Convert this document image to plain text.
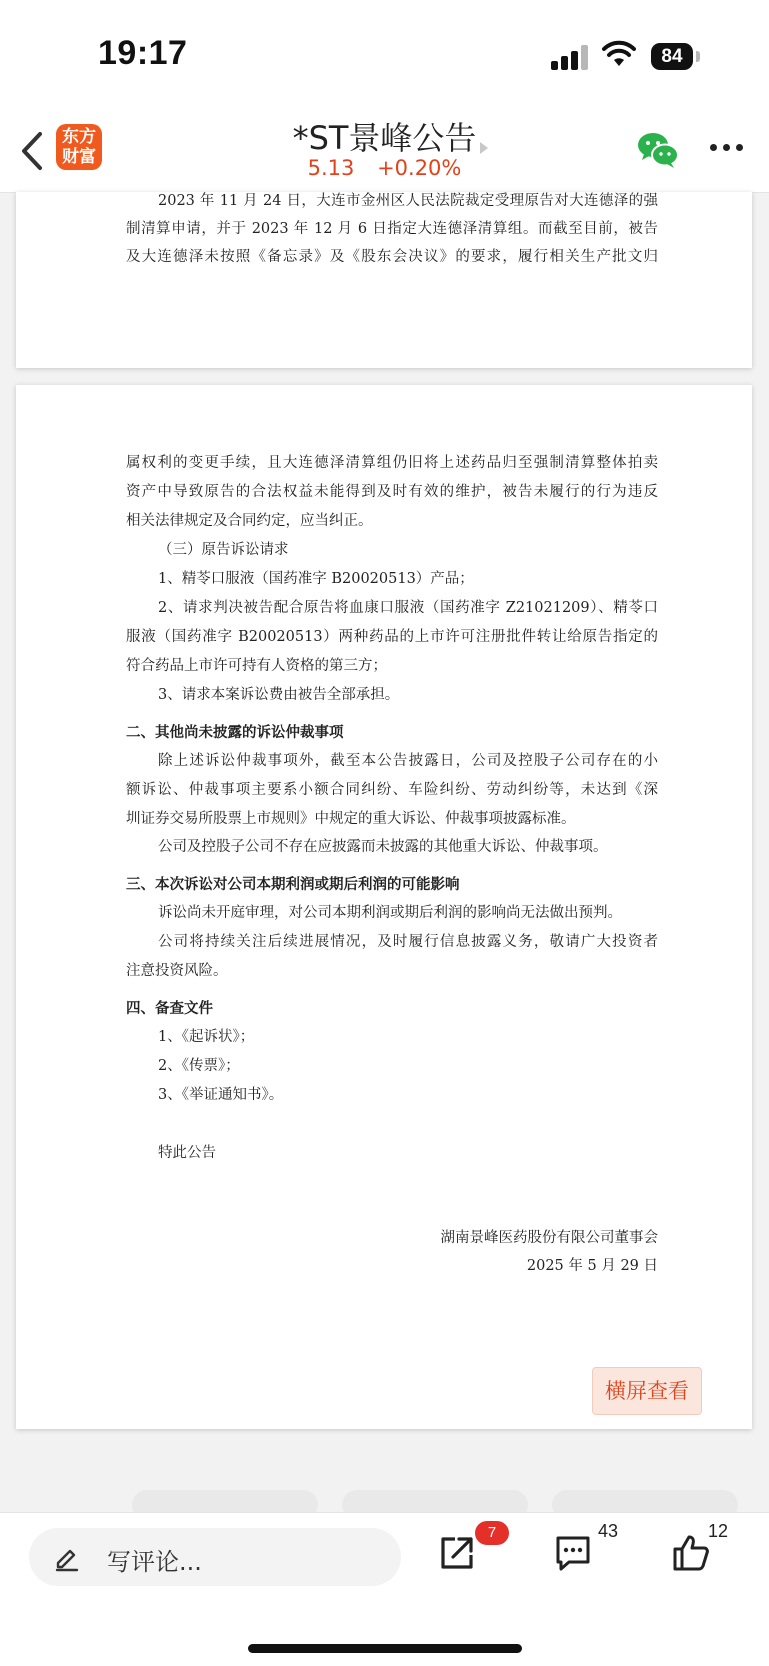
19:17	84
东方
财富	*ST景峰公告
5.13 +0.20%
2023 年 11 月 24 日，大连市金州区人民法院裁定受理原告对大连德泽的强
制清算申请，并于 2023 年 12 月 6 日指定大连德泽清算组。而截至目前，被告
及大连德泽未按照《备忘录》及《股东会决议》的要求，履行相关生产批文归
属权利的变更手续，且大连德泽清算组仍旧将上述药品归至强制清算整体拍卖
资产中导致原告的合法权益未能得到及时有效的维护，被告未履行的行为违反
相关法律规定及合同约定，应当纠正。
（三）原告诉讼请求
1、精苓口服液（国药准字 B20020513）产品；
2、请求判决被告配合原告将血康口服液（国药准字 Z21021209）、精苓口
服液（国药准字 B20020513）两种药品的上市许可注册批件转让给原告指定的
符合药品上市许可持有人资格的第三方；
3、请求本案诉讼费由被告全部承担。
二、其他尚未披露的诉讼仲裁事项
除上述诉讼仲裁事项外，截至本公告披露日，公司及控股子公司存在的小
额诉讼、仲裁事项主要系小额合同纠纷、车险纠纷、劳动纠纷等，未达到《深
圳证券交易所股票上市规则》中规定的重大诉讼、仲裁事项披露标准。
公司及控股子公司不存在应披露而未披露的其他重大诉讼、仲裁事项。
三、本次诉讼对公司本期利润或期后利润的可能影响
诉讼尚未开庭审理，对公司本期利润或期后利润的影响尚无法做出预判。
公司将持续关注后续进展情况，及时履行信息披露义务，敬请广大投资者
注意投资风险。
四、备查文件
1、《起诉状》；
2、《传票》；
3、《举证通知书》。
特此公告
湖南景峰医药股份有限公司董事会
2025 年 5 月 29 日
横屏查看
写评论...
7	43	12
